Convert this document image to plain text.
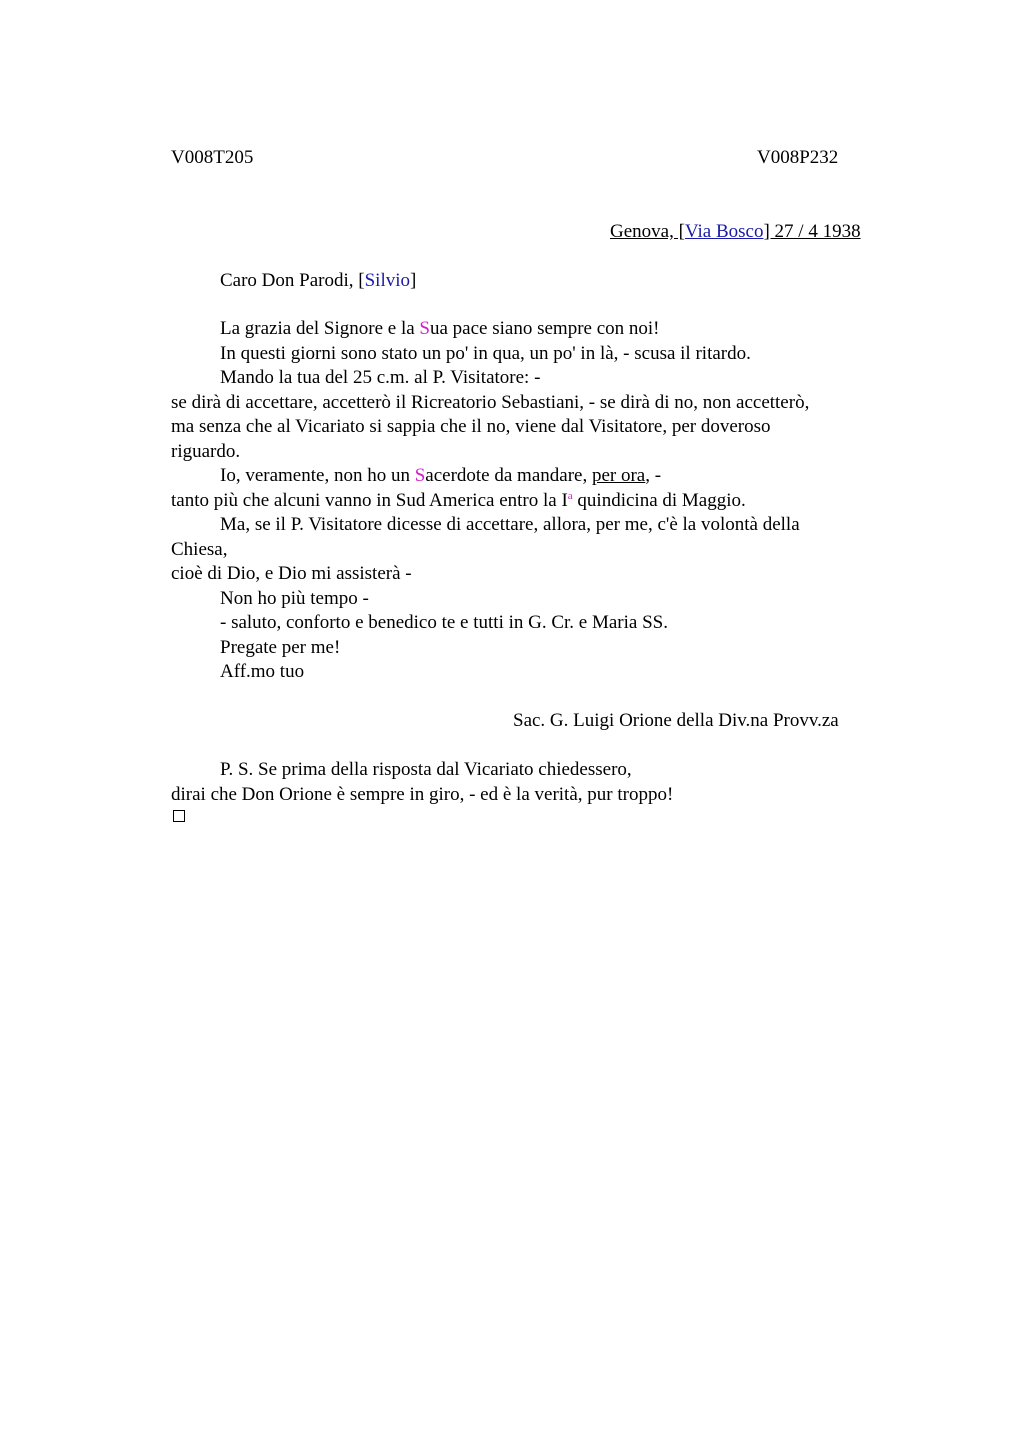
V008T205	V008P232
Genova, [Via Bosco] 27 / 4 1938
Caro Don Parodi, [Silvio]
La grazia del Signore e la Sua pace siano sempre con noi!
In questi giorni sono stato un po' in qua, un po' in là, - scusa il ritardo.
Mando la tua del 25 c.m. al P. Visitatore: -
se dirà di accettare, accetterò il Ricreatorio Sebastiani, - se dirà di no, non accetterò,
ma senza che al Vicariato si sappia che il no, viene dal Visitatore, per doveroso
riguardo.
Io, veramente, non ho un Sacerdote da mandare, per ora, -
tanto più che alcuni vanno in Sud America entro la $I^a$ quindicina di Maggio.
Ma, se il P. Visitatore dicesse di accettare, allora, per me, c'è la volontà della
Chiesa,
cioè di Dio, e Dio mi assisterà -
Non ho più tempo -
- saluto, conforto e benedico te e tutti in G. Cr. e Maria SS.
Pregate per me!
Aff.mo tuo
Sac. G. Luigi Orione della Div.na Provv.za
P. S. Se prima della risposta dal Vicariato chiedessero,
dirai che Don Orione è sempre in giro, - ed è la verità, pur troppo!
